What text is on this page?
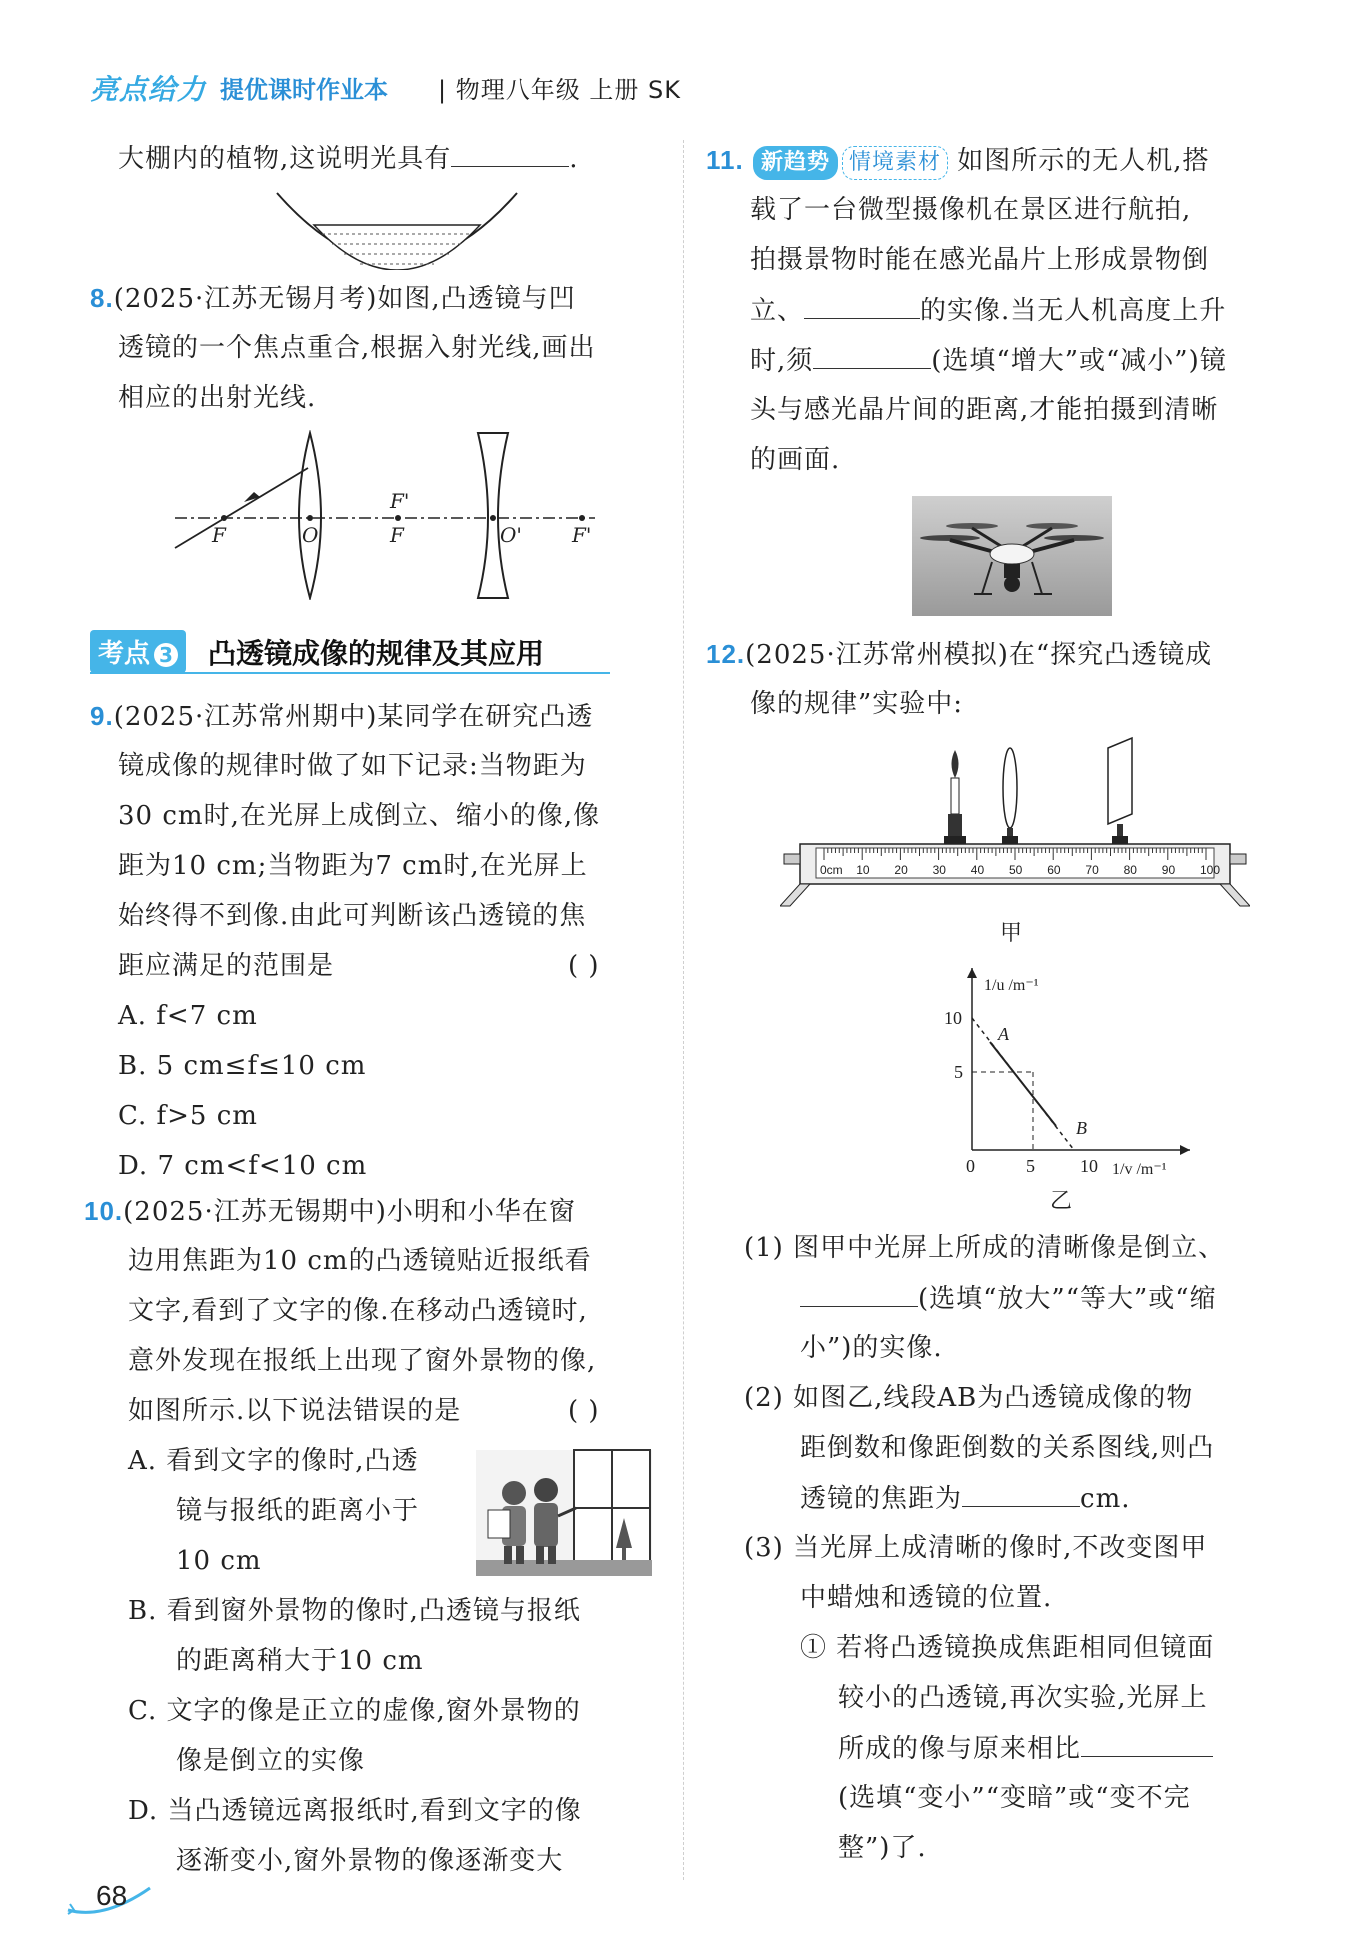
亮点给力 提优课时作业本 | 物理八年级 上册 SK
大棚内的植物,这说明光具有	.
8.(2025·江苏无锡月考)如图,凸透镜与凹
透镜的一个焦点重合,根据入射光线,画出
相应的出射光线.
F	O
F'
F	O'	F'
考点 3	凸透镜成像的规律及其应用
9.(2025·江苏常州期中)某同学在研究凸透
镜成像的规律时做了如下记录:当物距为
30 cm时,在光屏上成倒立、缩小的像,像
距为10 cm;当物距为7 cm时,在光屏上
始终得不到像.由此可判断该凸透镜的焦
距应满足的范围是	( )
A. f<7 cm
B. 5 cm≤f≤10 cm
C. f>5 cm
D. 7 cm<f<10 cm
10.(2025·江苏无锡期中)小明和小华在窗
边用焦距为10 cm的凸透镜贴近报纸看
文字,看到了文字的像.在移动凸透镜时,
意外发现在报纸上出现了窗外景物的像,
如图所示.以下说法错误的是	( )
A. 看到文字的像时,凸透
镜与报纸的距离小于
10 cm
B. 看到窗外景物的像时,凸透镜与报纸
的距离稍大于10 cm
C. 文字的像是正立的虚像,窗外景物的
像是倒立的实像
D. 当凸透镜远离报纸时,看到文字的像
逐渐变小,窗外景物的像逐渐变大
11. 新趋势 情境素材 如图所示的无人机,搭
载了一台微型摄像机在景区进行航拍,
拍摄景物时能在感光晶片上形成景物倒
立、	的实像.当无人机高度上升
时,须	(选填“增大”或“减小”)镜
头与感光晶片间的距离,才能拍摄到清晰
的画面.
12.(2025·江苏常州模拟)在“探究凸透镜成
像的规律”实验中:
0cm 10 20 30 40 50 60 70 80 90 100
甲
10
5
0	5	10
A
B
1/u /m⁻¹
1/v /m⁻¹
乙
(1) 图甲中光屏上所成的清晰像是倒立、
(选填“放大”“等大”或“缩
小”)的实像.
(2) 如图乙,线段AB为凸透镜成像的物
距倒数和像距倒数的关系图线,则凸
透镜的焦距为	cm.
(3) 当光屏上成清晰的像时,不改变图甲
中蜡烛和透镜的位置.
① 若将凸透镜换成焦距相同但镜面
较小的凸透镜,再次实验,光屏上
所成的像与原来相比
(选填“变小”“变暗”或“变不完
整”)了.
68
